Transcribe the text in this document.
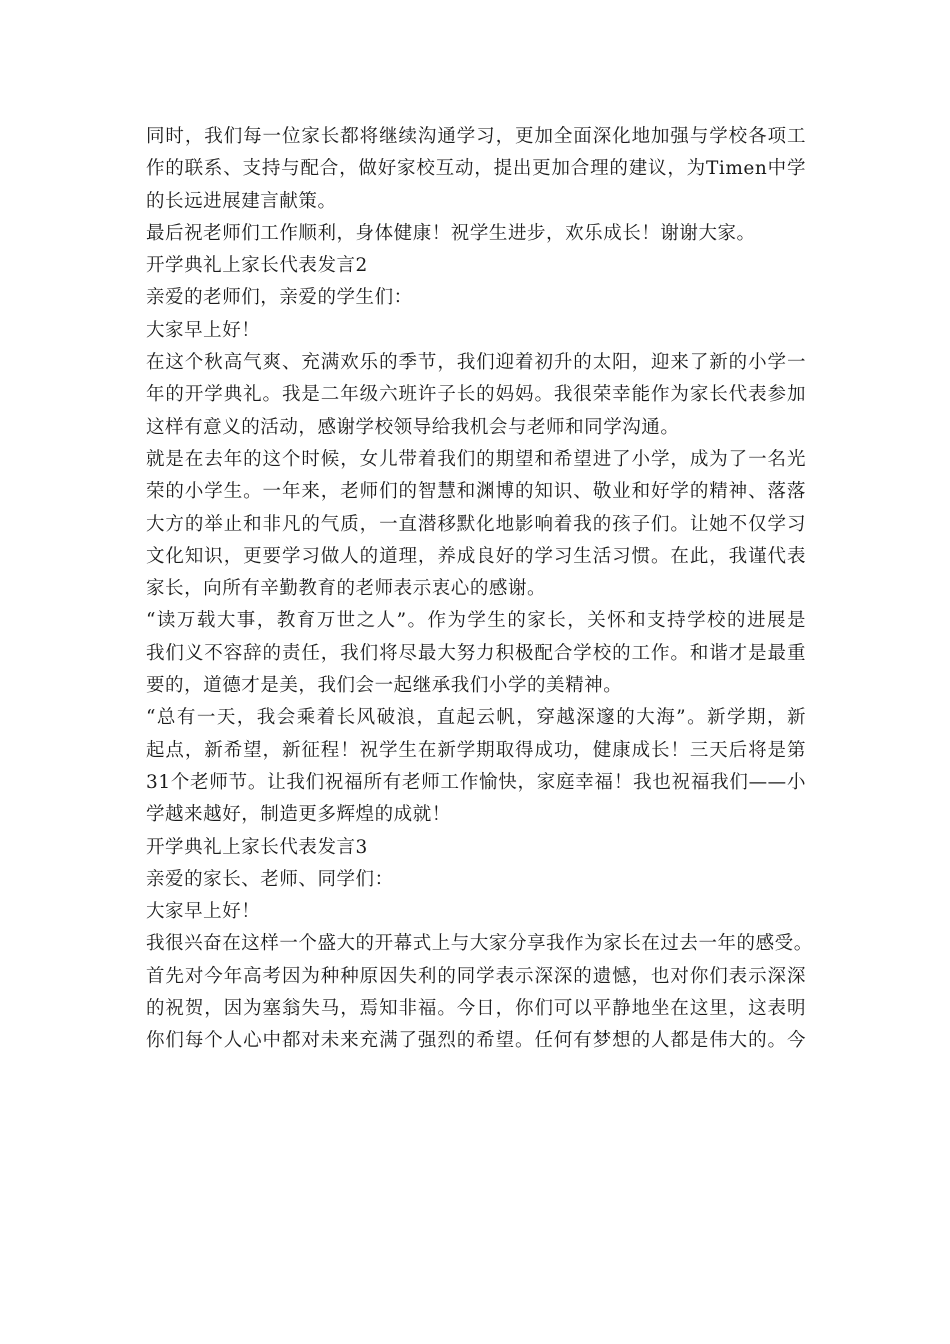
同时，我们每一位家长都将继续沟通学习，更加全面深化地加强与学校各项工
作的联系、支持与配合，做好家校互动，提出更加合理的建议，为Timen中学
的长远进展建言献策。
最后祝老师们工作顺利，身体健康！祝学生进步，欢乐成长！谢谢大家。
开学典礼上家长代表发言2
亲爱的老师们，亲爱的学生们：
大家早上好！
在这个秋高气爽、充满欢乐的季节，我们迎着初升的太阳，迎来了新的小学一
年的开学典礼。我是二年级六班许子长的妈妈。我很荣幸能作为家长代表参加
这样有意义的活动，感谢学校领导给我机会与老师和同学沟通。
就是在去年的这个时候，女儿带着我们的期望和希望进了小学，成为了一名光
荣的小学生。一年来，老师们的智慧和渊博的知识、敬业和好学的精神、落落
大方的举止和非凡的气质，一直潜移默化地影响着我的孩子们。让她不仅学习
文化知识，更要学习做人的道理，养成良好的学习生活习惯。在此，我谨代表
家长，向所有辛勤教育的老师表示衷心的感谢。
“读万载大事，教育万世之人”。作为学生的家长，关怀和支持学校的进展是
我们义不容辞的责任，我们将尽最大努力积极配合学校的工作。和谐才是最重
要的，道德才是美，我们会一起继承我们小学的美精神。
“总有一天，我会乘着长风破浪，直起云帆，穿越深邃的大海”。新学期，新
起点，新希望，新征程！祝学生在新学期取得成功，健康成长！三天后将是第
31个老师节。让我们祝福所有老师工作愉快，家庭幸福！我也祝福我们——小
学越来越好，制造更多辉煌的成就！
开学典礼上家长代表发言3
亲爱的家长、老师、同学们：
大家早上好！
我很兴奋在这样一个盛大的开幕式上与大家分享我作为家长在过去一年的感受。
首先对今年高考因为种种原因失利的同学表示深深的遗憾，也对你们表示深深
的祝贺，因为塞翁失马，焉知非福。今日，你们可以平静地坐在这里，这表明
你们每个人心中都对未来充满了强烈的希望。任何有梦想的人都是伟大的。今
